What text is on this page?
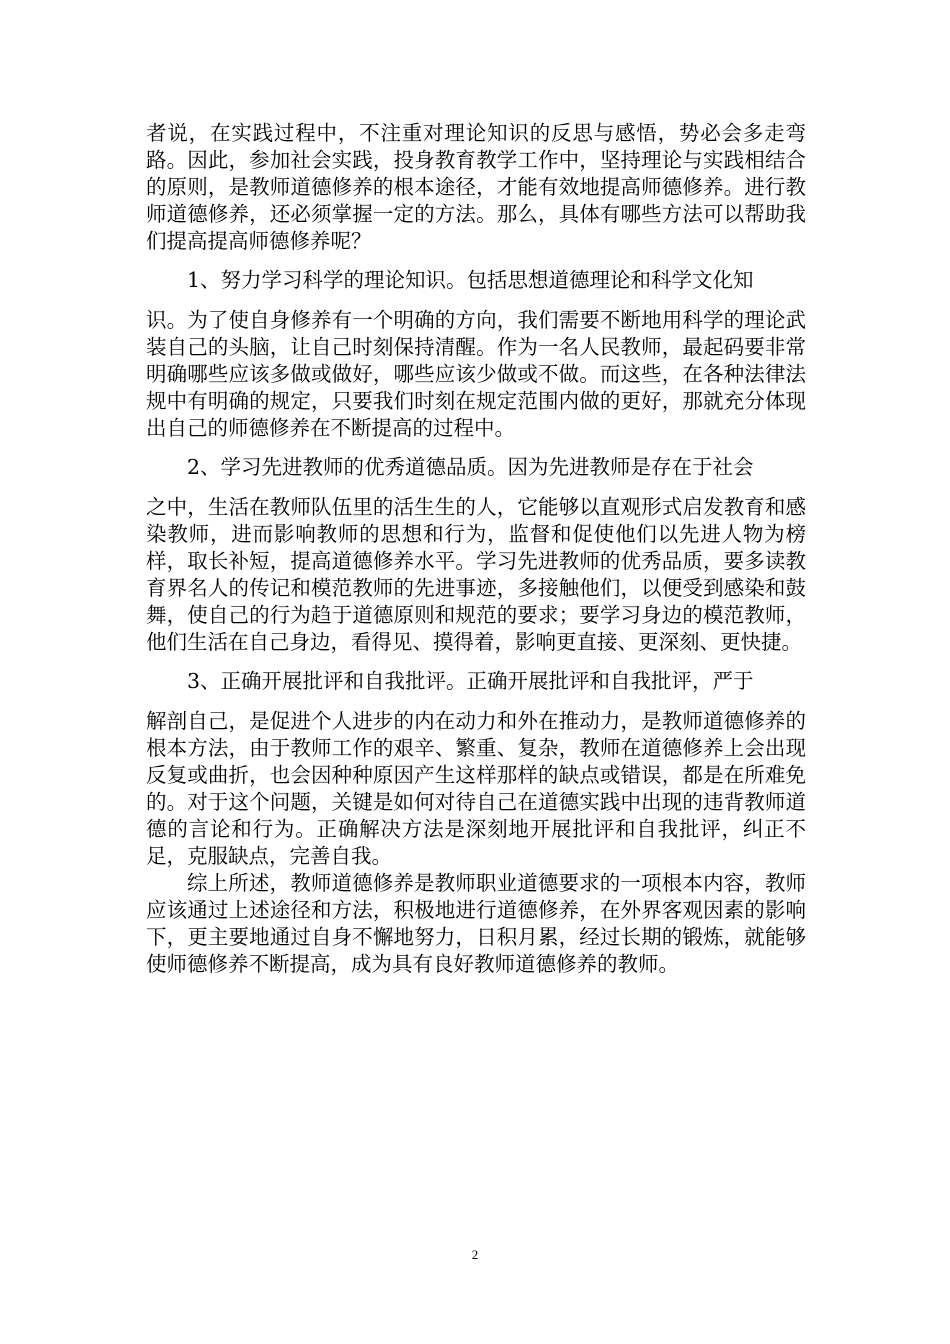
者说，在实践过程中，不注重对理论知识的反思与感悟，势必会多走弯路。因此，参加社会实践，投身教育教学工作中，坚持理论与实践相结合的原则，是教师道德修养的根本途径，才能有效地提高师德修养。进行教师道德修养，还必须掌握一定的方法。那么，具体有哪些方法可以帮助我们提高提高师德修养呢？

1、努力学习科学的理论知识。包括思想道德理论和科学文化知
识。为了使自身修养有一个明确的方向，我们需要不断地用科学的理论武装自己的头脑，让自己时刻保持清醒。作为一名人民教师，最起码要非常明确哪些应该多做或做好，哪些应该少做或不做。而这些，在各种法律法规中有明确的规定，只要我们时刻在规定范围内做的更好，那就充分体现出自己的师德修养在不断提高的过程中。

2、学习先进教师的优秀道德品质。因为先进教师是存在于社会
之中，生活在教师队伍里的活生生的人，它能够以直观形式启发教育和感染教师，进而影响教师的思想和行为，监督和促使他们以先进人物为榜样，取长补短，提高道德修养水平。学习先进教师的优秀品质，要多读教育界名人的传记和模范教师的先进事迹，多接触他们，以便受到感染和鼓舞，使自己的行为趋于道德原则和规范的要求；要学习身边的模范教师，他们生活在自己身边，看得见、摸得着，影响更直接、更深刻、更快捷。

3、正确开展批评和自我批评。正确开展批评和自我批评，严于
解剖自己，是促进个人进步的内在动力和外在推动力，是教师道德修养的根本方法，由于教师工作的艰辛、繁重、复杂，教师在道德修养上会出现反复或曲折，也会因种种原因产生这样那样的缺点或错误，都是在所难免的。对于这个问题，关键是如何对待自己在道德实践中出现的违背教师道德的言论和行为。正确解决方法是深刻地开展批评和自我批评，纠正不足，克服缺点，完善自我。

综上所述，教师道德修养是教师职业道德要求的一项根本内容，教师应该通过上述途径和方法，积极地进行道德修养，在外界客观因素的影响下，更主要地通过自身不懈地努力，日积月累，经过长期的锻炼，就能够使师德修养不断提高，成为具有良好教师道德修养的教师。

2
